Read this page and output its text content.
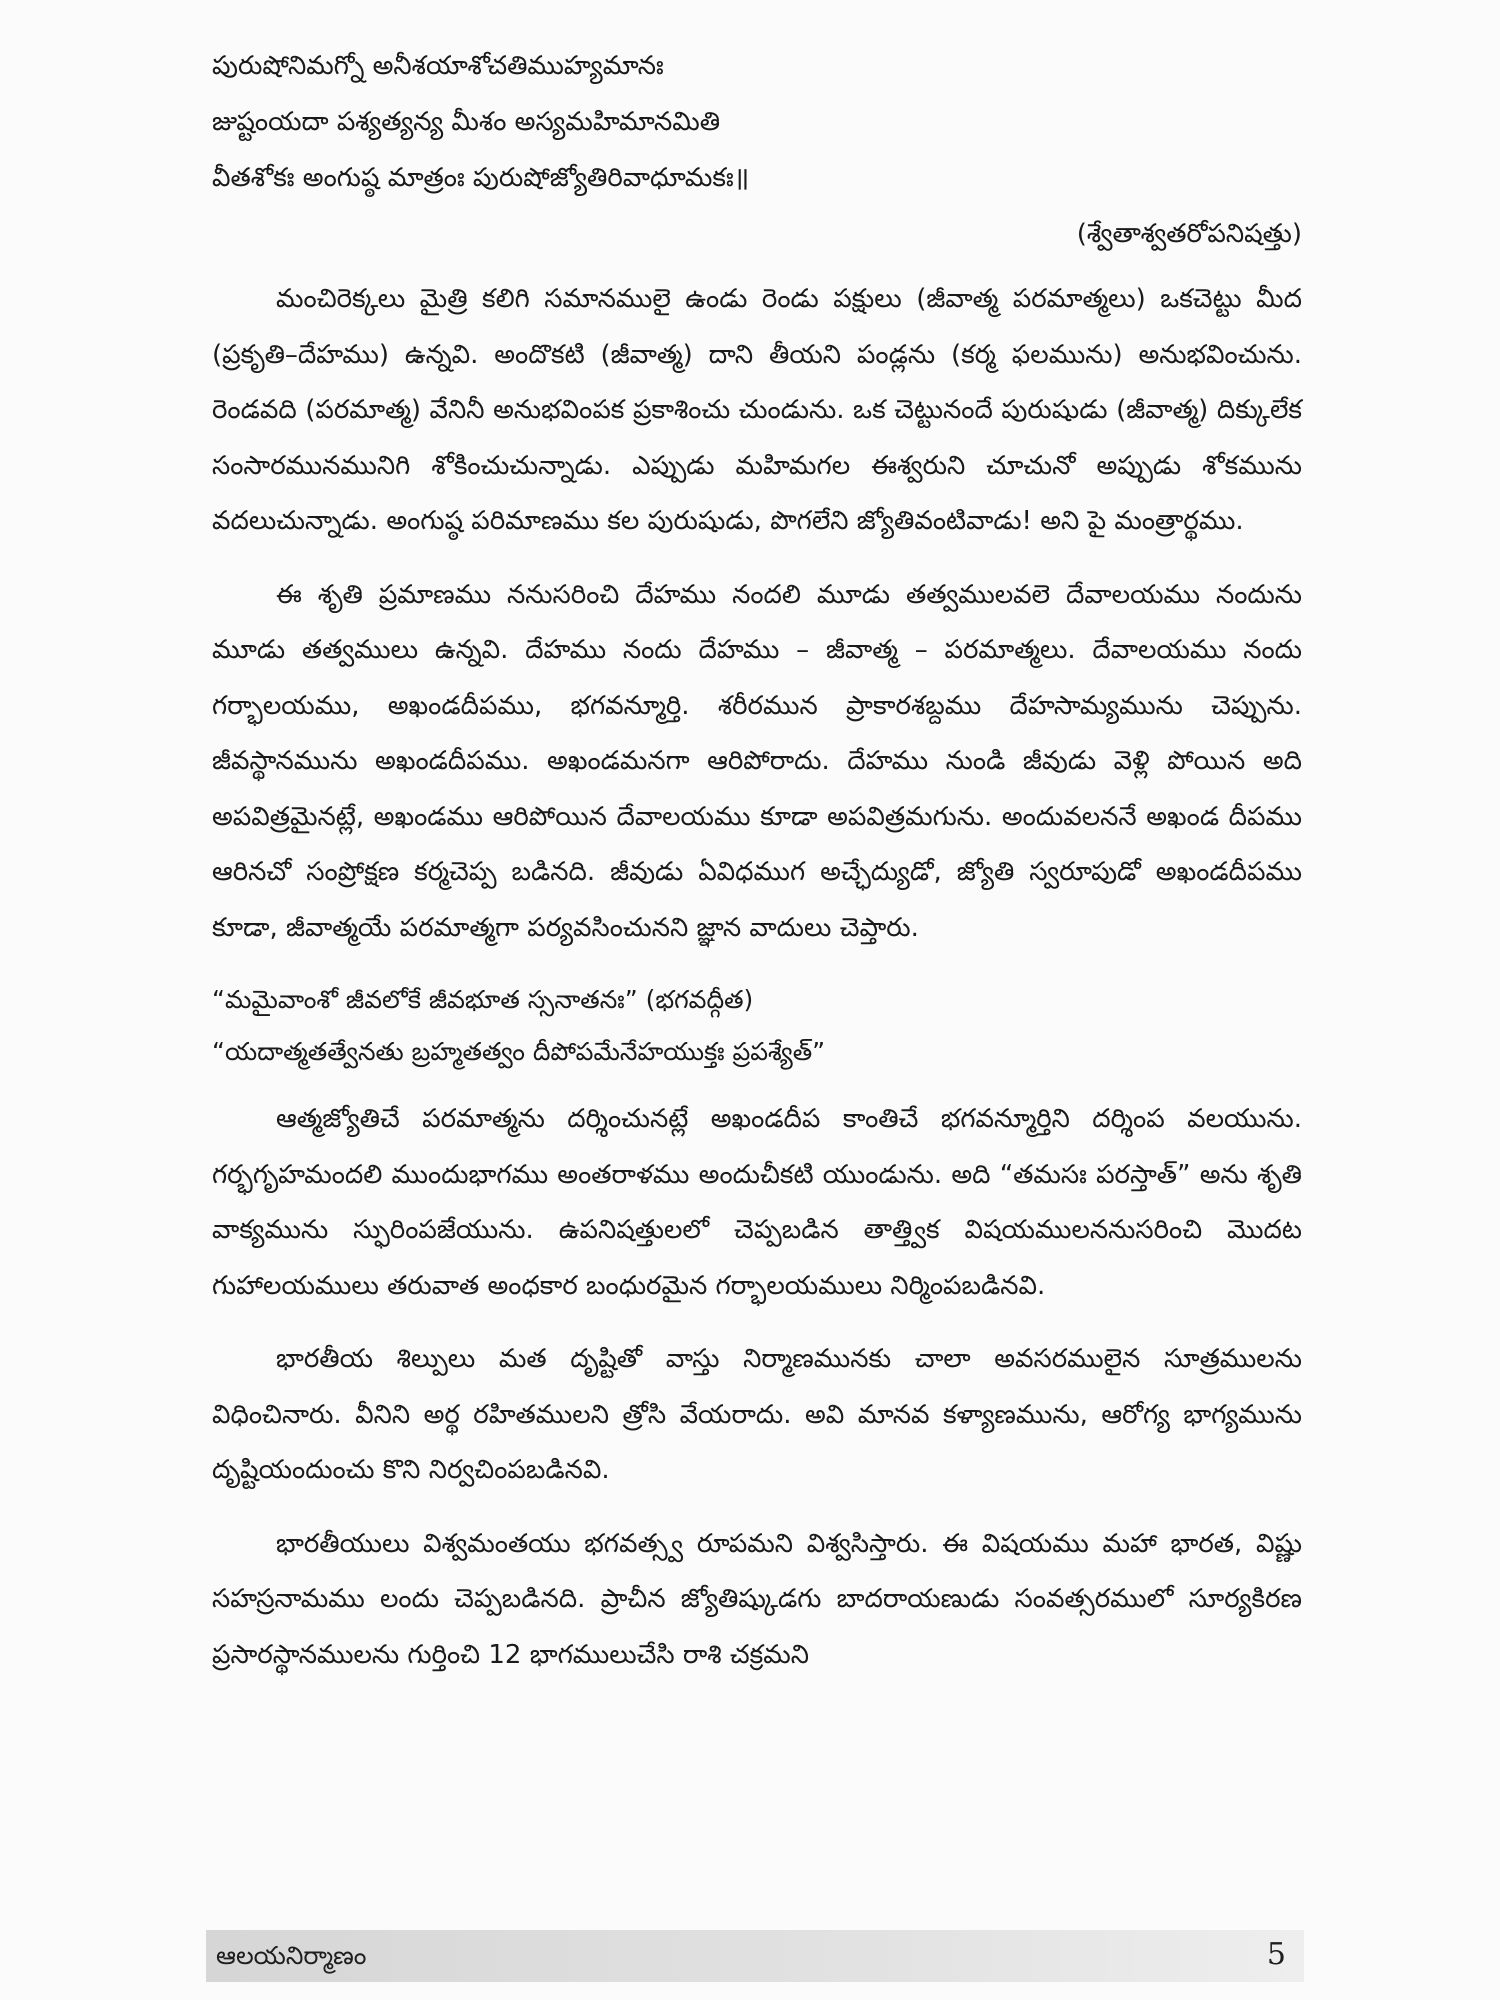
పురుషోనిమగ్నో అనీశయాశోచతిముహ్యమానః
జుష్టంయదా పశ్యత్యన్య మీశం అస్యమహిమానమితి
వీతశోకః అంగుష్ఠ మాత్రంః పురుషోజ్యోతిరివాధూమకః॥
(శ్వేతాశ్వతరోపనిషత్తు)

మంచిరెక్కలు మైత్రి కలిగి సమానములై ఉండు రెండు పక్షులు (జీవాత్మ పరమాత్మలు) ఒకచెట్టు మీద (ప్రకృతి–దేహము) ఉన్నవి. అందొకటి (జీవాత్మ) దాని తీయని పండ్లను (కర్మ ఫలమును) అనుభవించును. రెండవది (పరమాత్మ) వేనినీ అనుభవింపక ప్రకాశించు చుండును. ఒక చెట్టునందే పురుషుడు (జీవాత్మ) దిక్కులేక సంసారమునమునిగి శోకించుచున్నాడు. ఎప్పుడు మహిమగల ఈశ్వరుని చూచునో అప్పుడు శోకమును వదలుచున్నాడు. అంగుష్ఠ పరిమాణము కల పురుషుడు, పొగలేని జ్యోతివంటివాడు! అని పై మంత్రార్థము.

ఈ శృతి ప్రమాణము ననుసరించి దేహము నందలి మూడు తత్వములవలె దేవాలయము నందును మూడు తత్వములు ఉన్నవి. దేహము నందు దేహము – జీవాత్మ – పరమాత్మలు. దేవాలయము నందు గర్భాలయము, అఖండదీపము, భగవన్మూర్తి. శరీరమున ప్రాకారశబ్దము దేహసామ్యమును చెప్పును. జీవస్థానమును అఖండదీపము. అఖండమనగా ఆరిపోరాదు. దేహము నుండి జీవుడు వెళ్లి పోయిన అది అపవిత్రమైనట్లే, అఖండము ఆరిపోయిన దేవాలయము కూడా అపవిత్రమగును. అందువలననే అఖండ దీపము ఆరినచో సంప్రోక్షణ కర్మచెప్ప బడినది. జీవుడు ఏవిధముగ అచ్ఛేద్యుడో, జ్యోతి స్వరూపుడో అఖండదీపము కూడా, జీవాత్మయే పరమాత్మగా పర్యవసించునని జ్ఞాన వాదులు చెప్తారు.

“మమైవాంశో జీవలోకే జీవభూత స్సనాతనః” (భగవద్గీత)
“యదాత్మతత్వేనతు బ్రహ్మతత్వం దీపోపమేనేహయుక్తః ప్రపశ్యేత్”

ఆత్మజ్యోతిచే పరమాత్మను దర్శించునట్లే అఖండదీప కాంతిచే భగవన్మూర్తిని దర్శింప వలయును. గర్భగృహమందలి ముందుభాగము అంతరాళము అందుచీకటి యుండును. అది “తమసః పరస్తాత్” అను శృతి వాక్యమును స్ఫురింపజేయును. ఉపనిషత్తులలో చెప్పబడిన తాత్త్విక విషయములననుసరించి మొదట గుహాలయములు తరువాత అంధకార బంధురమైన గర్భాలయములు నిర్మింపబడినవి.

భారతీయ శిల్పులు మత దృష్టితో వాస్తు నిర్మాణమునకు చాలా అవసరములైన సూత్రములను విధించినారు. వీనిని అర్థ రహితములని త్రోసి వేయరాదు. అవి మానవ కళ్యాణమును, ఆరోగ్య భాగ్యమును దృష్టియందుంచు కొని నిర్వచింపబడినవి.

భారతీయులు విశ్వమంతయు భగవత్స్వ రూపమని విశ్వసిస్తారు. ఈ విషయము మహా భారత, విష్ణు సహస్రనామము లందు చెప్పబడినది. ప్రాచీన జ్యోతిష్కుడగు బాదరాయణుడు సంవత్సరములో సూర్యకిరణ ప్రసారస్థానములను గుర్తించి 12 భాగములుచేసి రాశి చక్రమని

ఆలయనిర్మాణం	5
